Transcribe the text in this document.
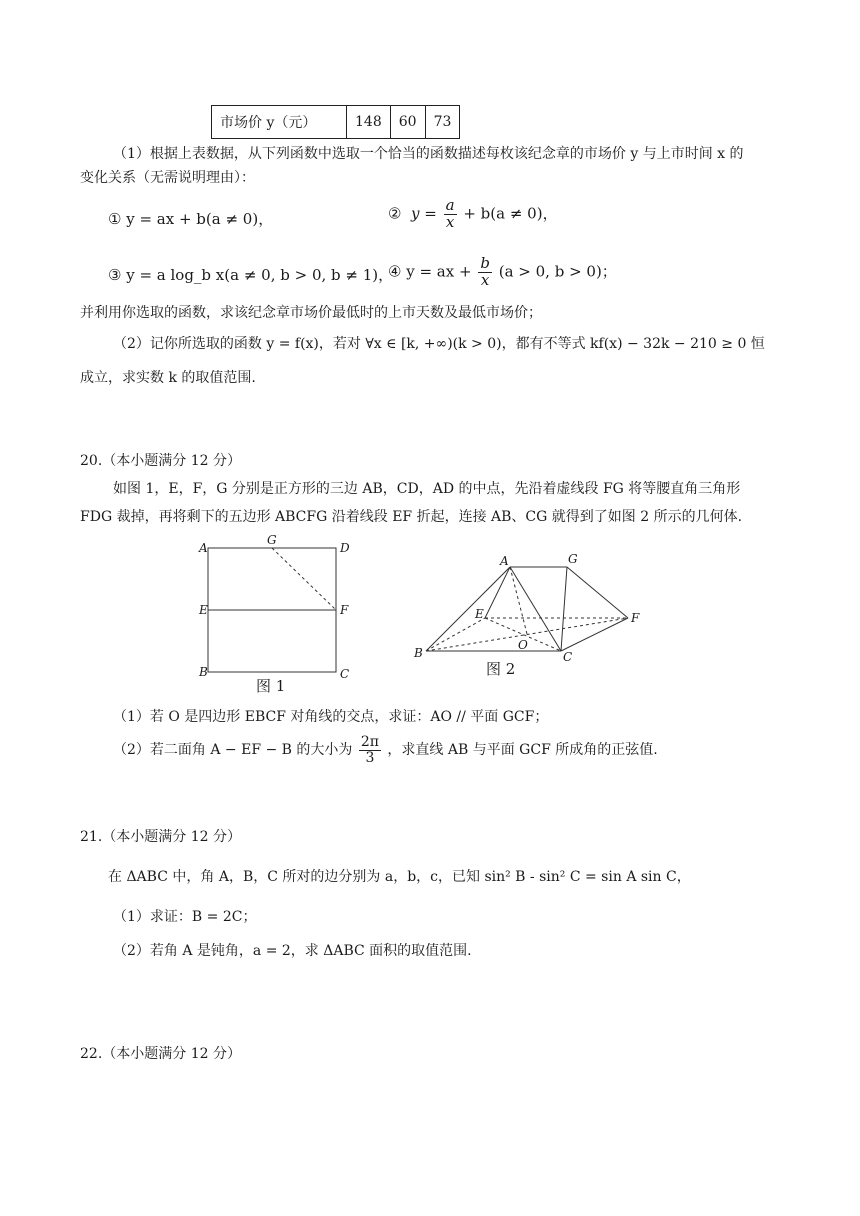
市场价 y（元）	148	60	73
（1）根据上表数据，从下列函数中选取一个恰当的函数描述每枚该纪念章的市场价 y 与上市时间 x 的
变化关系（无需说明理由）：
① y = ax + b(a ≠ 0)，	②  $y = \frac{a}{x} + b(a \ne 0)$，
③ y = a log_b x(a ≠ 0, b > 0, b ≠ 1)，
④ y = ax + $\frac{b}{x} (a > 0$, b > 0)；
并利用你选取的函数，求该纪念章市场价最低时的上市天数及最低市场价；
（2）记你所选取的函数 y = f(x)，若对 ∀x ∈ [k, +∞)(k > 0)，都有不等式 kf(x) − 32k − 210 ≥ 0 恒
成立，求实数 k 的取值范围.
20.（本小题满分 12 分）
如图 1，E，F，G 分别是正方形的三边 AB，CD，AD 的中点，先沿着虚线段 FG 将等腰直角三角形
FDG 裁掉，再将剩下的五边形 ABCFG 沿着线段 EF 折起，连接 AB、CG 就得到了如图 2 所示的几何体.
A
G
D
E	F
B	C
图 1
A	G
E	F
O
B	C
图 2
（1）若 O 是四边形 EBCF 对角线的交点，求证：AO // 平面 GCF；
（2）若二面角 A − EF − B 的大小为 $\frac{2\pi}{3}$ ，求直线 AB 与平面 GCF 所成角的正弦值.
21.（本小题满分 12 分）
在 ΔABC 中，角 A，B，C 所对的边分别为 a，b，c，已知 sin² B - sin² C = sin A sin C，
（1）求证：B = 2C；
（2）若角 A 是钝角，a = 2，求 ΔABC 面积的取值范围.
22.（本小题满分 12 分）
